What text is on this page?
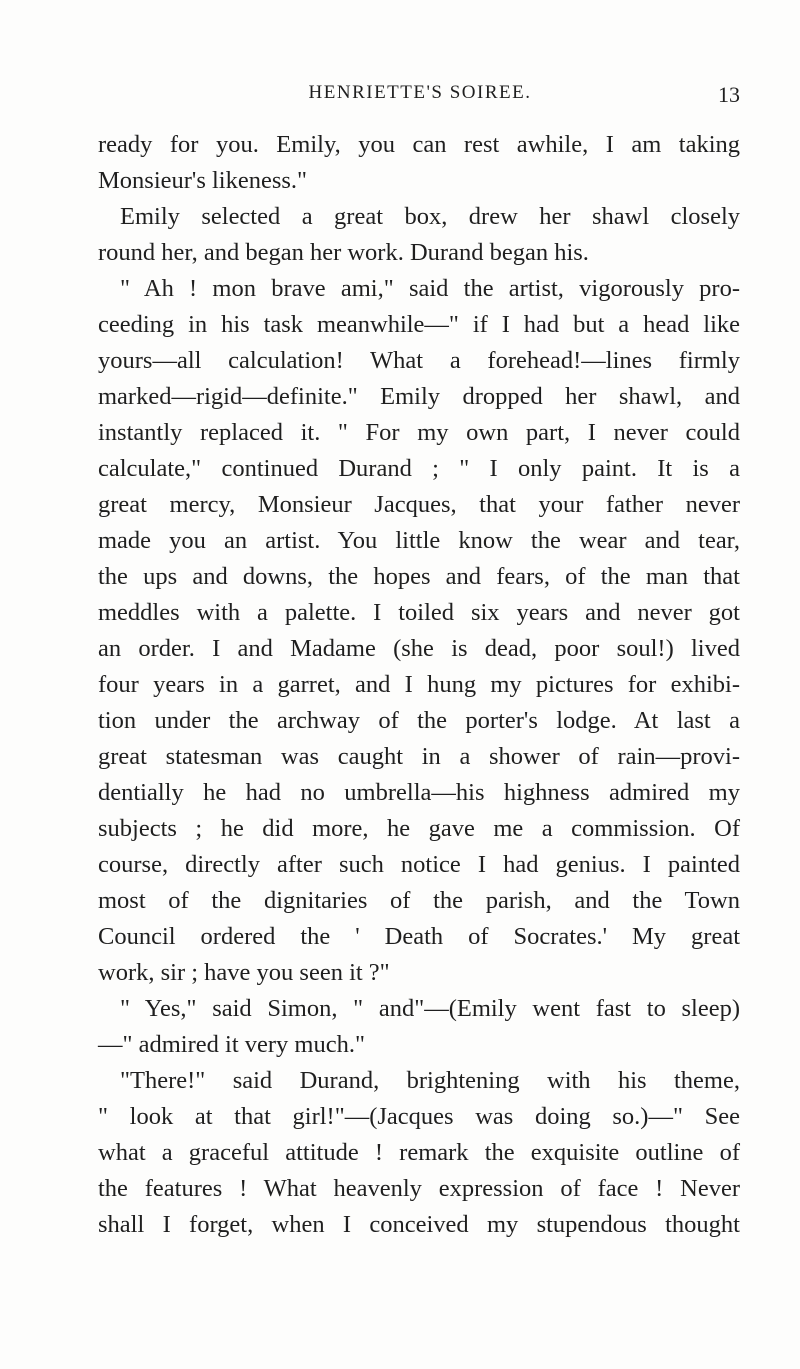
HENRIETTE'S SOIREE.	13
ready for you. Emily, you can rest awhile, I am taking
Monsieur's likeness."
Emily selected a great box, drew her shawl closely
round her, and began her work. Durand began his.
" Ah ! mon brave ami," said the artist, vigorously pro-
ceeding in his task meanwhile—" if I had but a head like
yours—all calculation! What a forehead!—lines firmly
marked—rigid—definite." Emily dropped her shawl, and
instantly replaced it. " For my own part, I never could
calculate," continued Durand ; " I only paint. It is a
great mercy, Monsieur Jacques, that your father never
made you an artist. You little know the wear and tear,
the ups and downs, the hopes and fears, of the man that
meddles with a palette. I toiled six years and never got
an order. I and Madame (she is dead, poor soul!) lived
four years in a garret, and I hung my pictures for exhibi-
tion under the archway of the porter's lodge. At last a
great statesman was caught in a shower of rain—provi-
dentially he had no umbrella—his highness admired my
subjects ; he did more, he gave me a commission. Of
course, directly after such notice I had genius. I painted
most of the dignitaries of the parish, and the Town
Council ordered the ' Death of Socrates.' My great
work, sir ; have you seen it ?"
" Yes," said Simon, " and"—(Emily went fast to sleep)
—" admired it very much."
"There!" said Durand, brightening with his theme,
" look at that girl!"—(Jacques was doing so.)—" See
what a graceful attitude ! remark the exquisite outline of
the features ! What heavenly expression of face ! Never
shall I forget, when I conceived my stupendous thought
